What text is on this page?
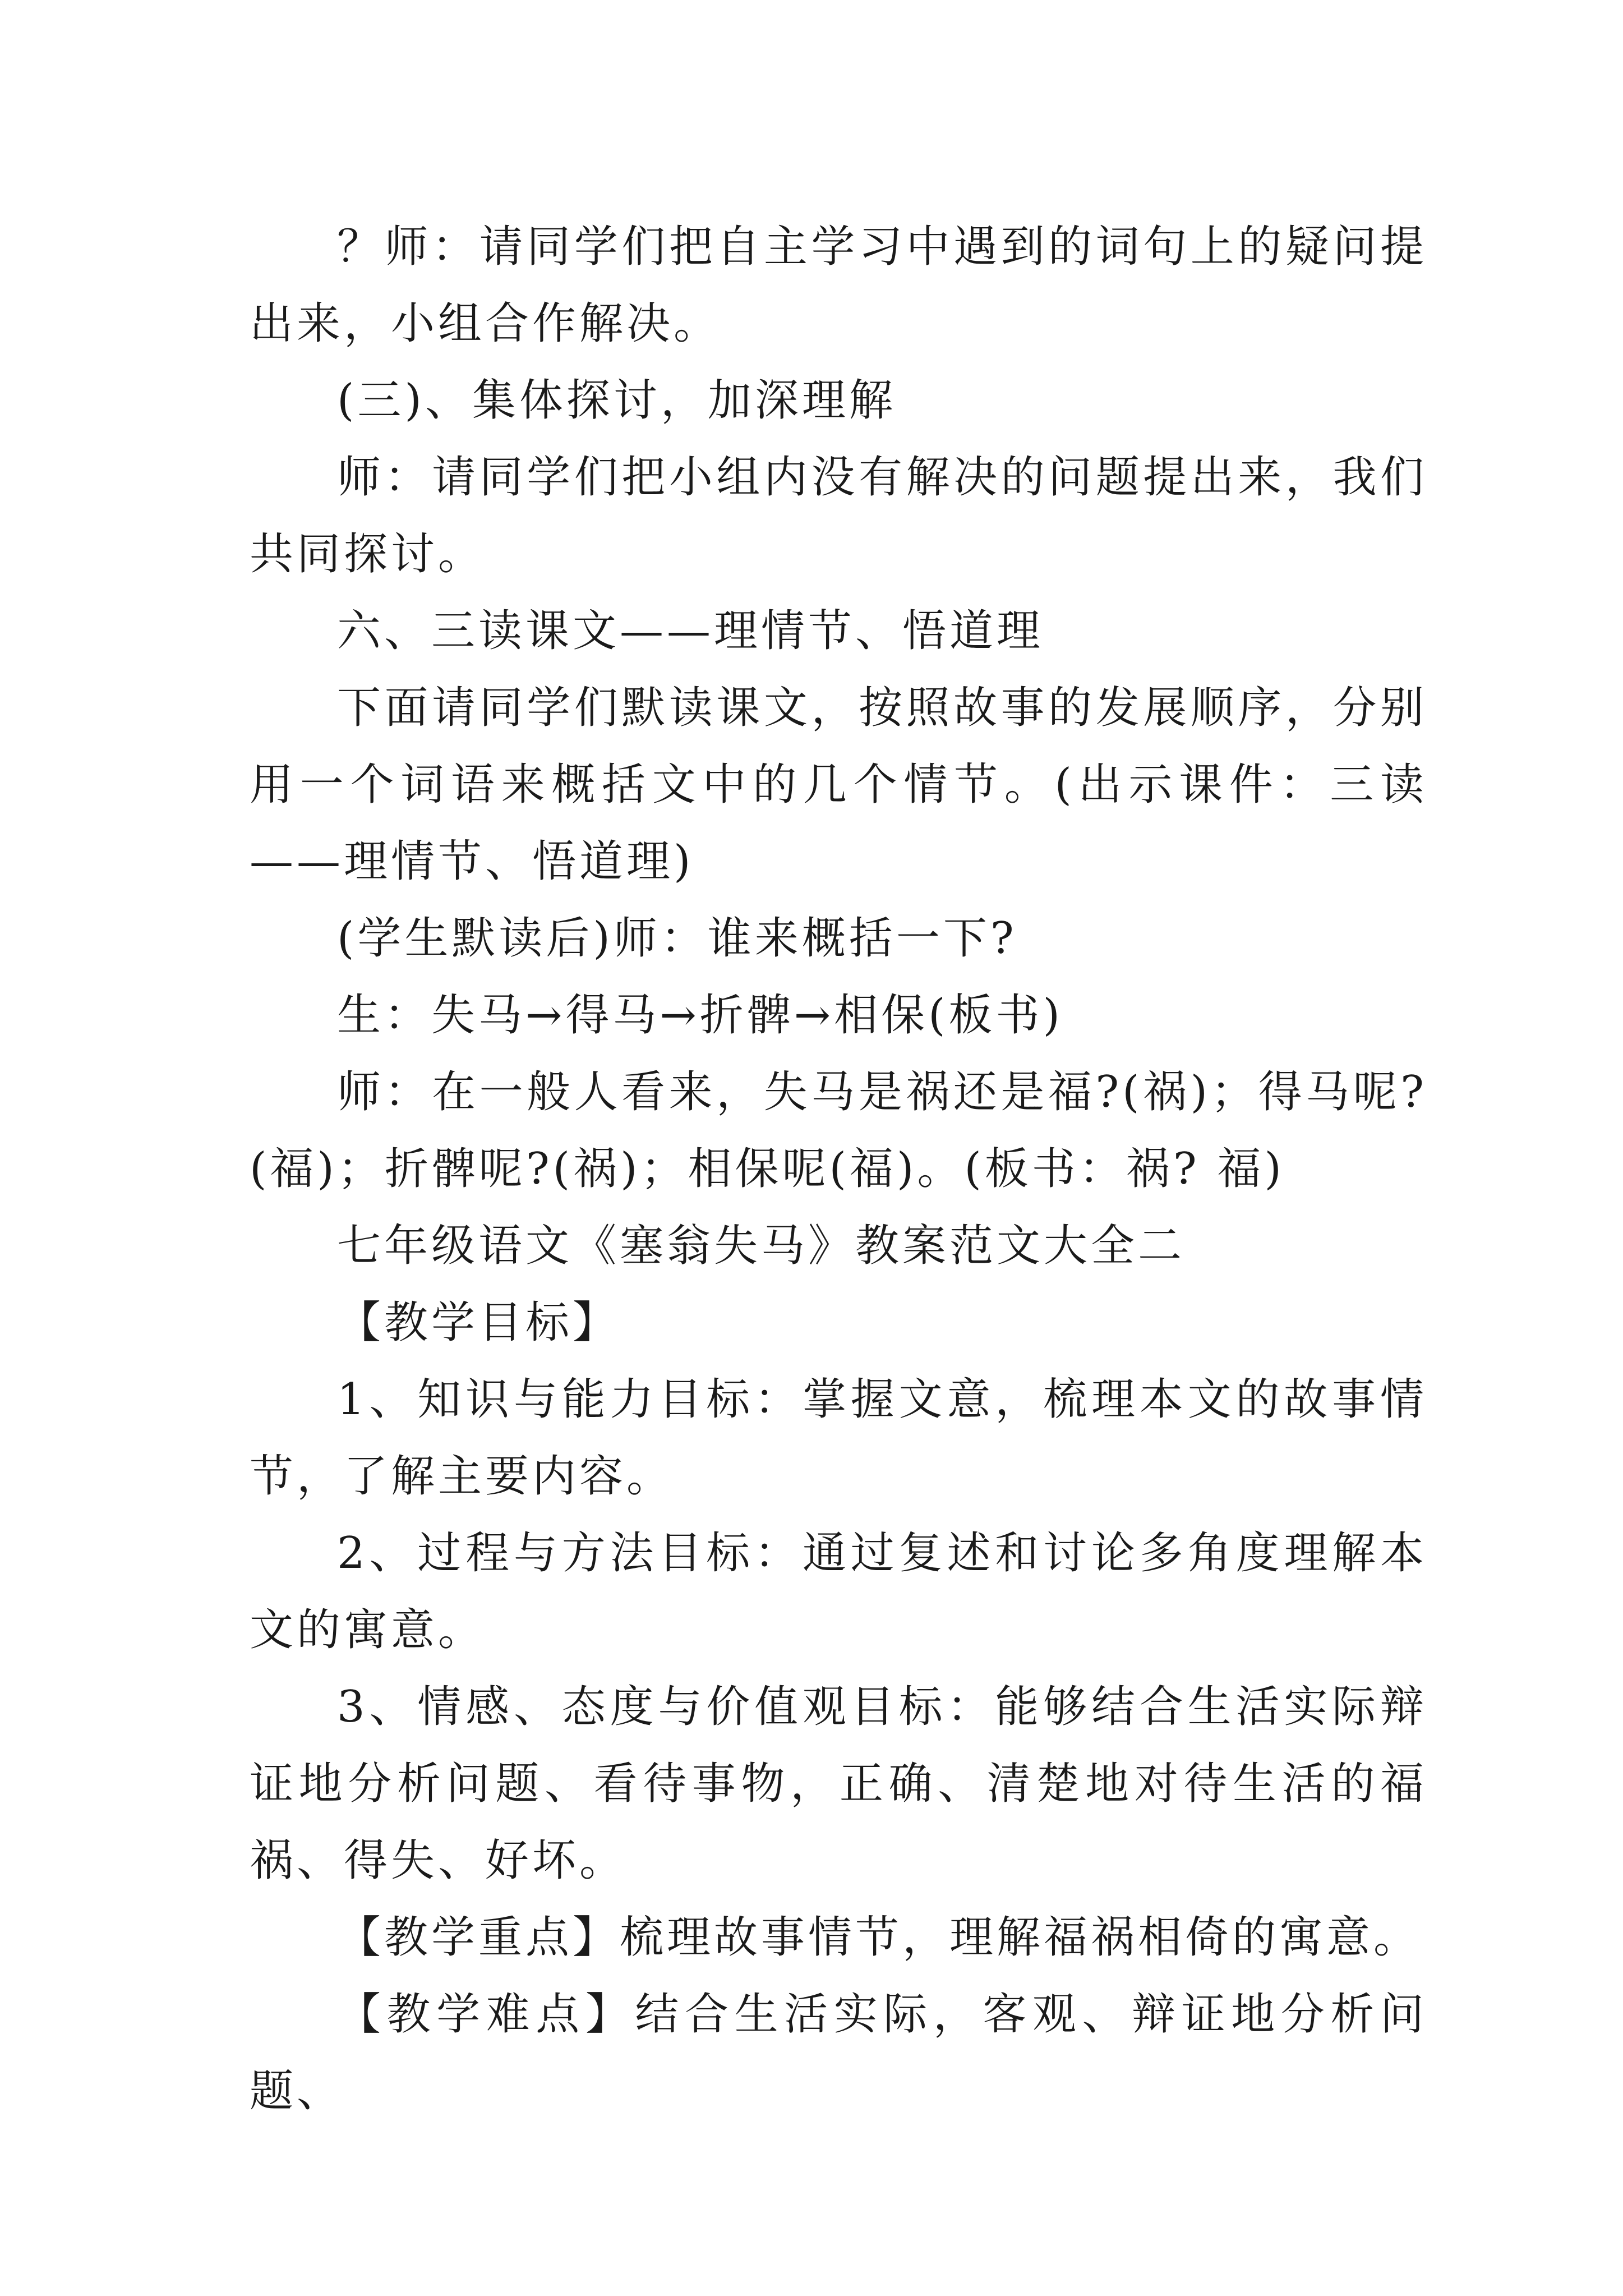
？师：请同学们把自主学习中遇到的词句上的疑问提出来，小组合作解决。

(三)、集体探讨，加深理解

师：请同学们把小组内没有解决的问题提出来，我们共同探讨。

六、三读课文——理情节、悟道理

下面请同学们默读课文，按照故事的发展顺序，分别用一个词语来概括文中的几个情节。(出示课件：三读——理情节、悟道理)

(学生默读后)师：谁来概括一下?

生：失马→得马→折髀→相保(板书)

师：在一般人看来，失马是祸还是福?(祸)；得马呢?(福)；折髀呢?(祸)；相保呢(福)。(板书：祸? 福)

七年级语文《塞翁失马》教案范文大全二

【教学目标】

1、知识与能力目标：掌握文意，梳理本文的故事情节，了解主要内容。

2、过程与方法目标：通过复述和讨论多角度理解本文的寓意。

3、情感、态度与价值观目标：能够结合生活实际辩证地分析问题、看待事物，正确、清楚地对待生活的福祸、得失、好坏。

【教学重点】梳理故事情节，理解福祸相倚的寓意。

【教学难点】结合生活实际，客观、辩证地分析问题、
